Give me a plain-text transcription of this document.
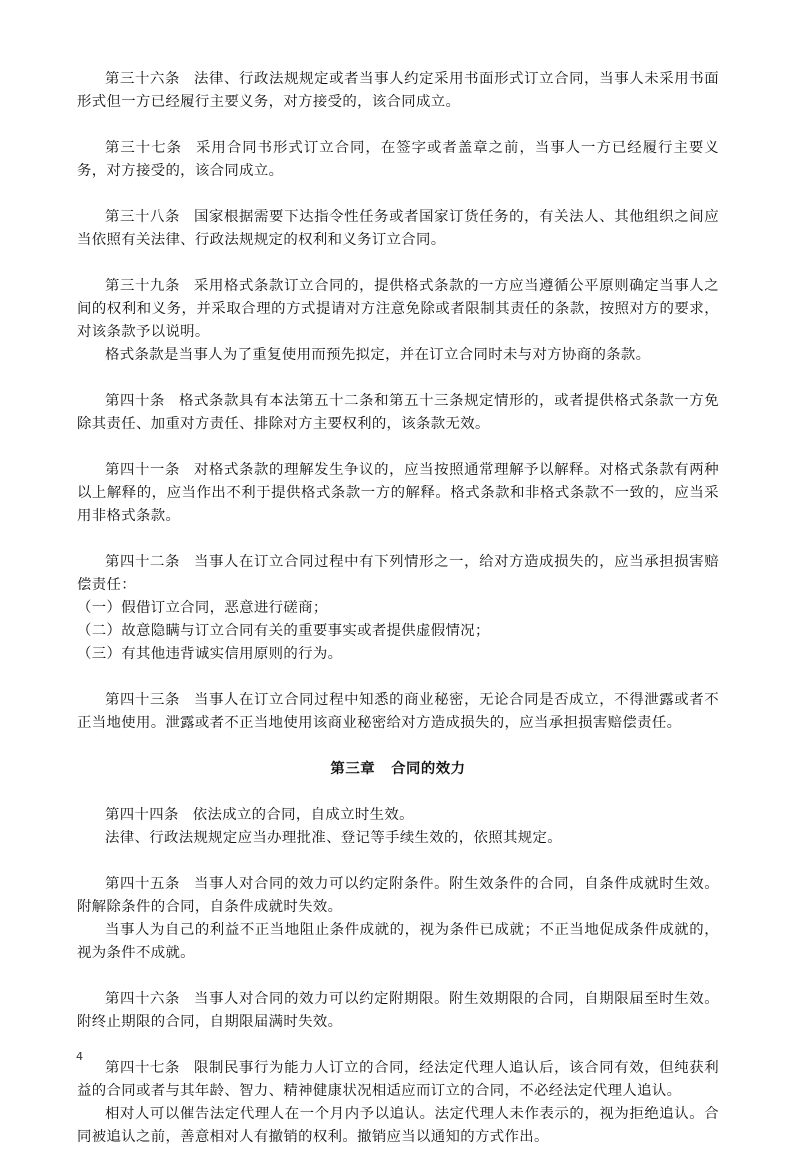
第三十六条 法律、行政法规规定或者当事人约定采用书面形式订立合同，当事人未采用书面形式但一方已经履行主要义务，对方接受的，该合同成立。

第三十七条 采用合同书形式订立合同，在签字或者盖章之前，当事人一方已经履行主要义务，对方接受的，该合同成立。

第三十八条 国家根据需要下达指令性任务或者国家订货任务的，有关法人、其他组织之间应当依照有关法律、行政法规规定的权利和义务订立合同。

第三十九条 采用格式条款订立合同的，提供格式条款的一方应当遵循公平原则确定当事人之间的权利和义务，并采取合理的方式提请对方注意免除或者限制其责任的条款，按照对方的要求，对该条款予以说明。

格式条款是当事人为了重复使用而预先拟定，并在订立合同时未与对方协商的条款。

第四十条 格式条款具有本法第五十二条和第五十三条规定情形的，或者提供格式条款一方免除其责任、加重对方责任、排除对方主要权利的，该条款无效。

第四十一条 对格式条款的理解发生争议的，应当按照通常理解予以解释。对格式条款有两种以上解释的，应当作出不利于提供格式条款一方的解释。格式条款和非格式条款不一致的，应当采用非格式条款。

第四十二条 当事人在订立合同过程中有下列情形之一，给对方造成损失的，应当承担损害赔偿责任：

（一）假借订立合同，恶意进行磋商；

（二）故意隐瞒与订立合同有关的重要事实或者提供虚假情况；

（三）有其他违背诚实信用原则的行为。

第四十三条 当事人在订立合同过程中知悉的商业秘密，无论合同是否成立，不得泄露或者不正当地使用。泄露或者不正当地使用该商业秘密给对方造成损失的，应当承担损害赔偿责任。

第三章 合同的效力

第四十四条 依法成立的合同，自成立时生效。

法律、行政法规规定应当办理批准、登记等手续生效的，依照其规定。

第四十五条 当事人对合同的效力可以约定附条件。附生效条件的合同，自条件成就时生效。附解除条件的合同，自条件成就时失效。

当事人为自己的利益不正当地阻止条件成就的，视为条件已成就；不正当地促成条件成就的，视为条件不成就。

第四十六条 当事人对合同的效力可以约定附期限。附生效期限的合同，自期限届至时生效。附终止期限的合同，自期限届满时失效。

第四十七条 限制民事行为能力人订立的合同，经法定代理人追认后，该合同有效，但纯获利益的合同或者与其年龄、智力、精神健康状况相适应而订立的合同，不必经法定代理人追认。

相对人可以催告法定代理人在一个月内予以追认。法定代理人未作表示的，视为拒绝追认。合同被追认之前，善意相对人有撤销的权利。撤销应当以通知的方式作出。

4
